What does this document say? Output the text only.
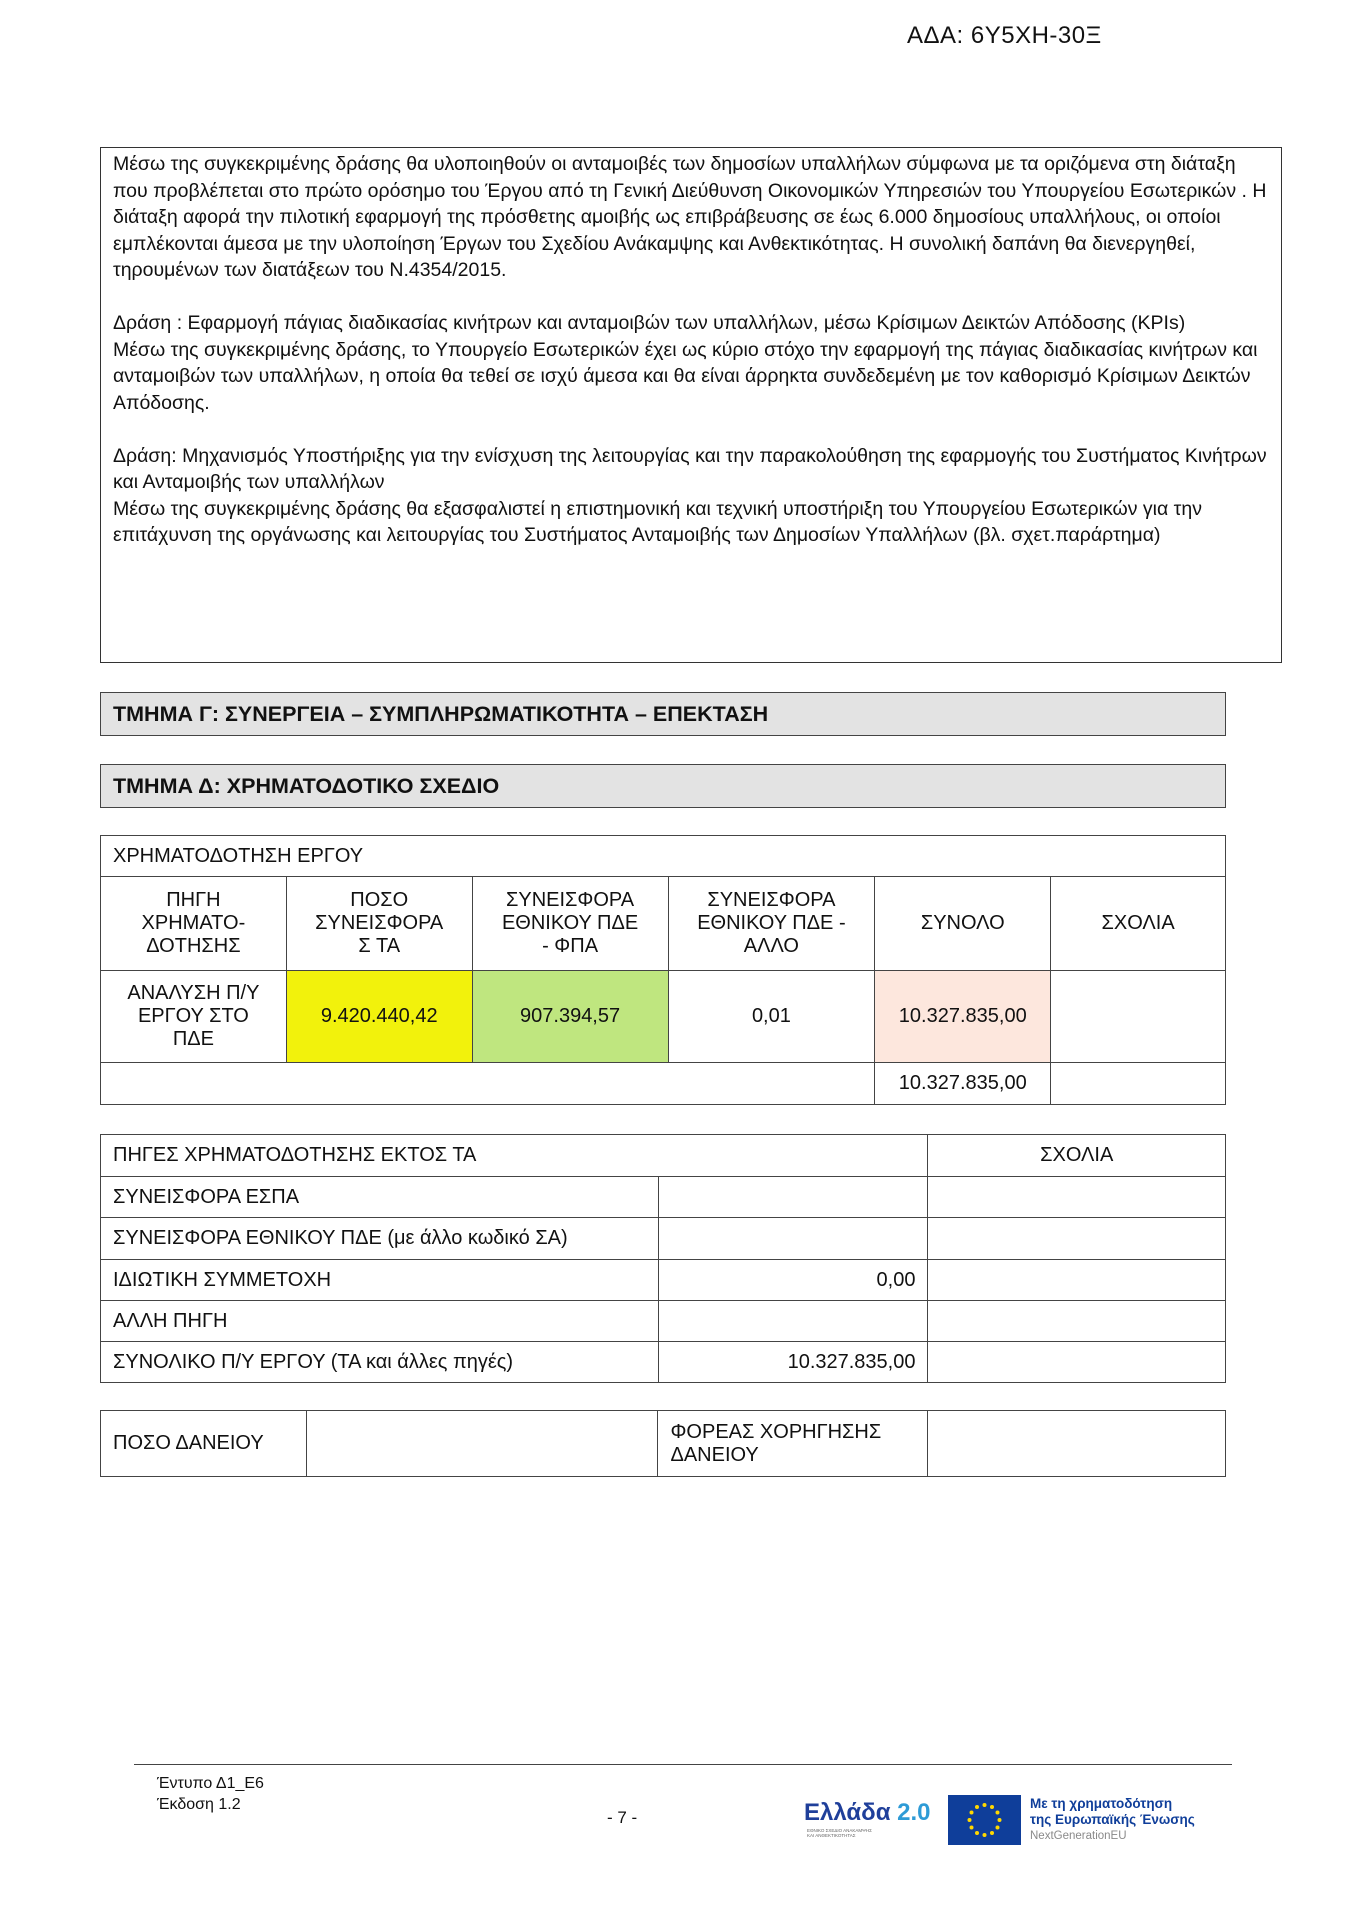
ΑΔΑ: 6Υ5ΧΗ-30Ξ

Μέσω της συγκεκριμένης δράσης θα υλοποιηθούν οι ανταμοιβές των δημοσίων υπαλλήλων σύμφωνα με τα οριζόμενα στη διάταξη που προβλέπεται στο πρώτο ορόσημο του Έργου από τη Γενική Διεύθυνση Οικονομικών Υπηρεσιών του Υπουργείου Εσωτερικών . Η διάταξη αφορά την πιλοτική εφαρμογή της πρόσθετης αμοιβής ως επιβράβευσης σε έως 6.000 δημοσίους υπαλλήλους, οι οποίοι εμπλέκονται άμεσα με την υλοποίηση Έργων του Σχεδίου Ανάκαμψης και Ανθεκτικότητας. Η συνολική δαπάνη θα διενεργηθεί, τηρουμένων των διατάξεων του Ν.4354/2015.

Δράση : Εφαρμογή πάγιας διαδικασίας κινήτρων και ανταμοιβών των υπαλλήλων, μέσω Κρίσιμων Δεικτών Απόδοσης (KPIs)
Μέσω της συγκεκριμένης δράσης, το Υπουργείο Εσωτερικών έχει ως κύριο στόχο την εφαρμογή της πάγιας διαδικασίας κινήτρων και ανταμοιβών των υπαλλήλων, η οποία θα τεθεί σε ισχύ άμεσα και θα είναι άρρηκτα συνδεδεμένη με τον καθορισμό Κρίσιμων Δεικτών Απόδοσης.

Δράση: Μηχανισμός Υποστήριξης για την ενίσχυση της λειτουργίας και την παρακολούθηση της εφαρμογής του Συστήματος Κινήτρων και Ανταμοιβής των υπαλλήλων
Μέσω της συγκεκριμένης δράσης θα εξασφαλιστεί η επιστημονική και τεχνική υποστήριξη του Υπουργείου Εσωτερικών για την επιτάχυνση της οργάνωσης και λειτουργίας του Συστήματος Ανταμοιβής των Δημοσίων Υπαλλήλων (βλ. σχετ.παράρτημα)

ΤΜΗΜΑ Γ: ΣΥΝΕΡΓΕΙΑ – ΣΥΜΠΛΗΡΩΜΑΤΙΚΟΤΗΤΑ – ΕΠΕΚΤΑΣΗ
ΤΜΗΜΑ Δ: ΧΡΗΜΑΤΟΔΟΤΙΚΟ ΣΧΕΔΙΟ
ΧΡΗΜΑΤΟΔΟΤΗΣΗ ΕΡΓΟΥ					
ΠΗΓΗ
ΧΡΗΜΑΤΟ-
ΔΟΤΗΣΗΣ	ΠΟΣΟ
ΣΥΝΕΙΣΦΟΡΑ
Σ ΤΑ	ΣΥΝΕΙΣΦΟΡΑ
ΕΘΝΙΚΟΥ ΠΔΕ
- ΦΠΑ	ΣΥΝΕΙΣΦΟΡΑ
ΕΘΝΙΚΟΥ ΠΔΕ -
ΑΛΛΟ	ΣΥΝΟΛΟ	ΣΧΟΛΙΑ
ΑΝΑΛΥΣΗ Π/Υ
ΕΡΓΟΥ ΣΤΟ
ΠΔΕ	9.420.440,42	907.394,57	0,01	10.327.835,00	
				10.327.835,00	
ΠΗΓΕΣ ΧΡΗΜΑΤΟΔΟΤΗΣΗΣ ΕΚΤΟΣ ΤΑ		ΣΧΟΛΙΑ
ΣΥΝΕΙΣΦΟΡΑ ΕΣΠΑ		
ΣΥΝΕΙΣΦΟΡΑ ΕΘΝΙΚΟΥ ΠΔΕ (με άλλο κωδικό ΣΑ)		
ΙΔΙΩΤΙΚΗ ΣΥΜΜΕΤΟΧΗ	0,00	
ΑΛΛΗ ΠΗΓΗ		
ΣΥΝΟΛΙΚΟ Π/Υ ΕΡΓΟΥ (ΤΑ και άλλες πηγές)	10.327.835,00	
ΠΟΣΟ ΔΑΝΕΙΟΥ		ΦΟΡΕΑΣ ΧΟΡΗΓΗΣΗΣ
ΔΑΝΕΙΟΥ	
Έντυπο Δ1_Ε6
Έκδοση 1.2
- 7 -	Ελλάδα 2.0
ΕΘΝΙΚΟ ΣΧΕΔΙΟ ΑΝΑΚΑΜΨΗΣ
ΚΑΙ ΑΝΘΕΚΤΙΚΟΤΗΤΑΣ
Με τη χρηματοδότηση
της Ευρωπαϊκής Ένωσης
NextGenerationEU
